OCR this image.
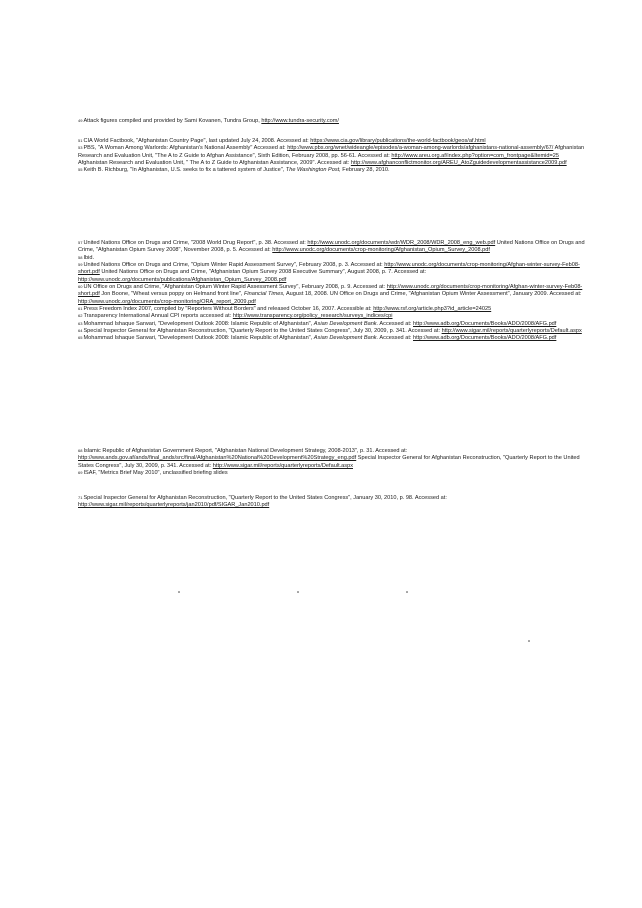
$^{49}$Attack figures compiled and provided by Sami Kovanen, Tundra Group, http://www.tundra-security.com/

$^{51}$CIA World Factbook, "Afghanistan Country Page", last updated July 24, 2008. Accessed at: https://www.cia.gov/library/publications/the-world-factbook/geos/af.html

$^{53}$PBS, "A Woman Among Warlords: Afghanistan's National Assembly" Accessed at: http://www.pbs.org/wnet/wideangle/episodes/a-woman-among-warlords/afghanistans-national-assembly/67/ Afghanistan Research and Evaluation Unit, "The A to Z Guide to Afghan Assistance", Sixth Edition, February 2008, pp. 56-61. Accessed at: http://www.areu.org.af/index.php?option=com_frontpage&Itemid=25 Afghanistan Research and Evaluation Unit, " The A to Z Guide to Afghanistan Assistance, 2009". Accessed at: http://www.afghanconflictmonitor.org/AREU_AtoZguidedevelopmentassistance2009.pdf

$^{55}$Keith B. Richburg, "In Afghanistan, U.S. seeks to fix a tattered system of Justice", The Washington Post, February 28, 2010.

$^{57}$United Nations Office on Drugs and Crime, "2008 World Drug Report", p. 38. Accessed at: http://www.unodc.org/documents/wdr/WDR_2008/WDR_2008_eng_web.pdf United Nations Office on Drugs and Crime, "Afghanistan Opium Survey 2008", November 2008, p. 5. Accessed at: http://www.unodc.org/documents/crop-monitoring/Afghanistan_Opium_Survey_2008.pdf

$^{58}$Ibid.

$^{59}$United Nations Office on Drugs and Crime, "Opium Winter Rapid Assessment Survey", February 2008, p. 3. Accessed at: http://www.unodc.org/documents/crop-monitoring/Afghan-winter-survey-Feb08-short.pdf United Nations Office on Drugs and Crime, "Afghanistan Opium Survey 2008 Executive Summary", August 2008, p. 7. Accessed at: http://www.unodc.org/documents/publications/Afghanistan_Opium_Survey_2008.pdf

$^{60}$UN Office on Drugs and Crime, "Afghanistan Opium Winter Rapid Assessment Survey", February 2008, p. 9. Accessed at: http://www.unodc.org/documents/crop-monitoring/Afghan-winter-survey-Feb08-short.pdf Jon Boone, "Wheat versus poppy on Helmand front line", Financial Times, August 18, 2008. UN Office on Drugs and Crime, "Afghanistan Opium Winter Assessment", January 2009. Accessed at: http://www.unodc.org/documents/crop-monitoring/ORA_report_2009.pdf

$^{61}$Press Freedom Index 2007, compiled by "Reporters Without Borders" and released October 16, 2007. Accessible at: http://www.rsf.org/article.php3?id_article=24025

$^{62}$Transparency International Annual CPI reports accessed at: http://www.transparency.org/policy_research/surveys_indices/cpi

$^{63}$Mohammad Ishaque Sarwari, "Development Outlook 2008: Islamic Republic of Afghanistan", Asian Development Bank. Accessed at: http://www.adb.org/Documents/Books/ADO/2008/AFG.pdf

$^{64}$Special Inspector General for Afghanistan Reconstruction, "Quarterly Report to the United States Congress", July 30, 2009, p. 341. Accessed at: http://www.sigar.mil/reports/quarterlyreports/Default.aspx

$^{65}$Mohammad Ishaque Sarwari, "Development Outlook 2008: Islamic Republic of Afghanistan", Asian Development Bank. Accessed at: http://www.adb.org/Documents/Books/ADO/2008/AFG.pdf

$^{68}$Islamic Republic of Afghanistan Government Report, "Afghanistan National Development Strategy, 2008-2013", p. 31. Accessed at: http://www.ands.gov.af/ands/final_ands/src/final/Afghanistan%20National%20Development%20Strategy_eng.pdf Special Inspector General for Afghanistan Reconstruction, "Quarterly Report to the United States Congress", July 30, 2009, p. 341. Accessed at: http://www.sigar.mil/reports/quarterlyreports/Default.aspx

$^{69}$ISAF, "Metrics Brief May 2010", unclassified briefing slides

$^{71}$Special Inspector General for Afghanistan Reconstruction, "Quarterly Report to the United States Congress", January 30, 2010, p. 98. Accessed at: http://www.sigar.mil/reports/quarterlyreports/jan2010/pdf/SIGAR_Jan2010.pdf
